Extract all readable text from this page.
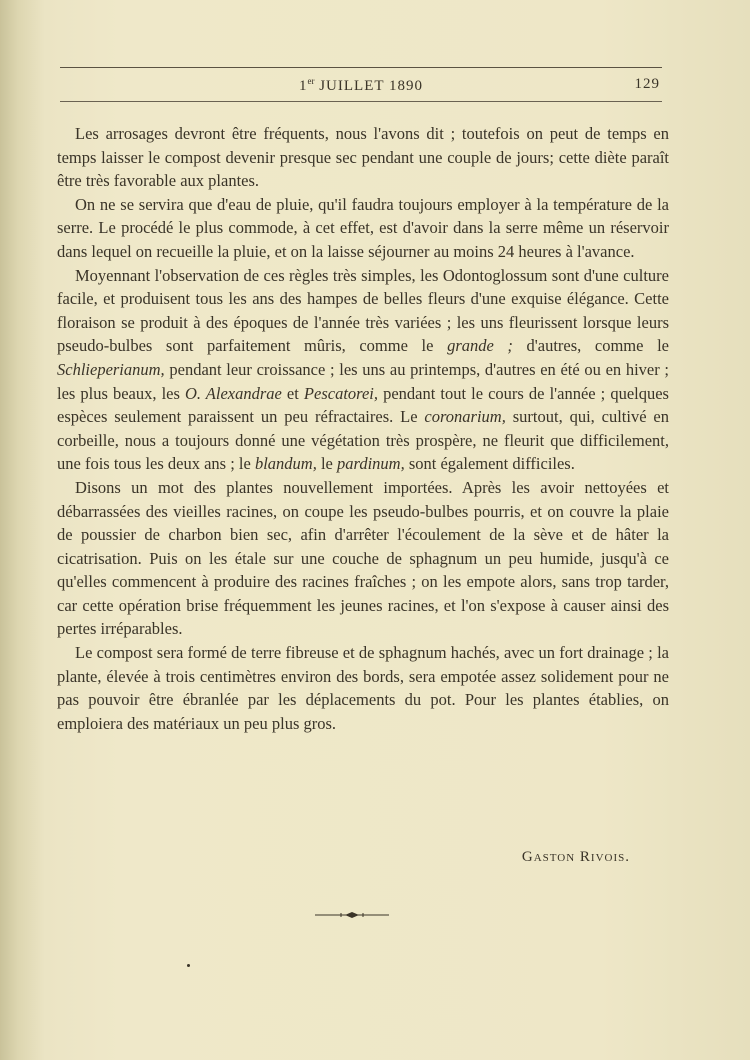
1er JUILLET 1890	129

Les arrosages devront être fréquents, nous l'avons dit ; toutefois on peut de temps en temps laisser le compost devenir presque sec pendant une couple de jours; cette diète paraît être très favorable aux plantes.

On ne se servira que d'eau de pluie, qu'il faudra toujours employer à la température de la serre. Le procédé le plus commode, à cet effet, est d'avoir dans la serre même un réservoir dans lequel on recueille la pluie, et on la laisse séjourner au moins 24 heures à l'avance.

Moyennant l'observation de ces règles très simples, les Odontoglossum sont d'une culture facile, et produisent tous les ans des hampes de belles fleurs d'une exquise élégance. Cette floraison se produit à des époques de l'année très variées ; les uns fleurissent lorsque leurs pseudo-bulbes sont parfaitement mûris, comme le grande ; d'autres, comme le Schlieperianum, pendant leur croissance ; les uns au printemps, d'autres en été ou en hiver ; les plus beaux, les O. Alexandrae et Pescatorei, pendant tout le cours de l'année ; quelques espèces seulement paraissent un peu réfractaires. Le coronarium, surtout, qui, cultivé en corbeille, nous a toujours donné une végétation très prospère, ne fleurit que difficilement, une fois tous les deux ans ; le blandum, le pardinum, sont également difficiles.

Disons un mot des plantes nouvellement importées. Après les avoir nettoyées et débarrassées des vieilles racines, on coupe les pseudo-bulbes pourris, et on couvre la plaie de poussier de charbon bien sec, afin d'arrêter l'écoulement de la sève et de hâter la cicatrisation. Puis on les étale sur une couche de sphagnum un peu humide, jusqu'à ce qu'elles commencent à produire des racines fraîches ; on les empote alors, sans trop tarder, car cette opération brise fréquemment les jeunes racines, et l'on s'expose à causer ainsi des pertes irréparables.

Le compost sera formé de terre fibreuse et de sphagnum hachés, avec un fort drainage ; la plante, élevée à trois centimètres environ des bords, sera empotée assez solidement pour ne pas pouvoir être ébranlée par les déplacements du pot. Pour les plantes établies, on emploiera des matériaux un peu plus gros.

Gaston Rivois.
